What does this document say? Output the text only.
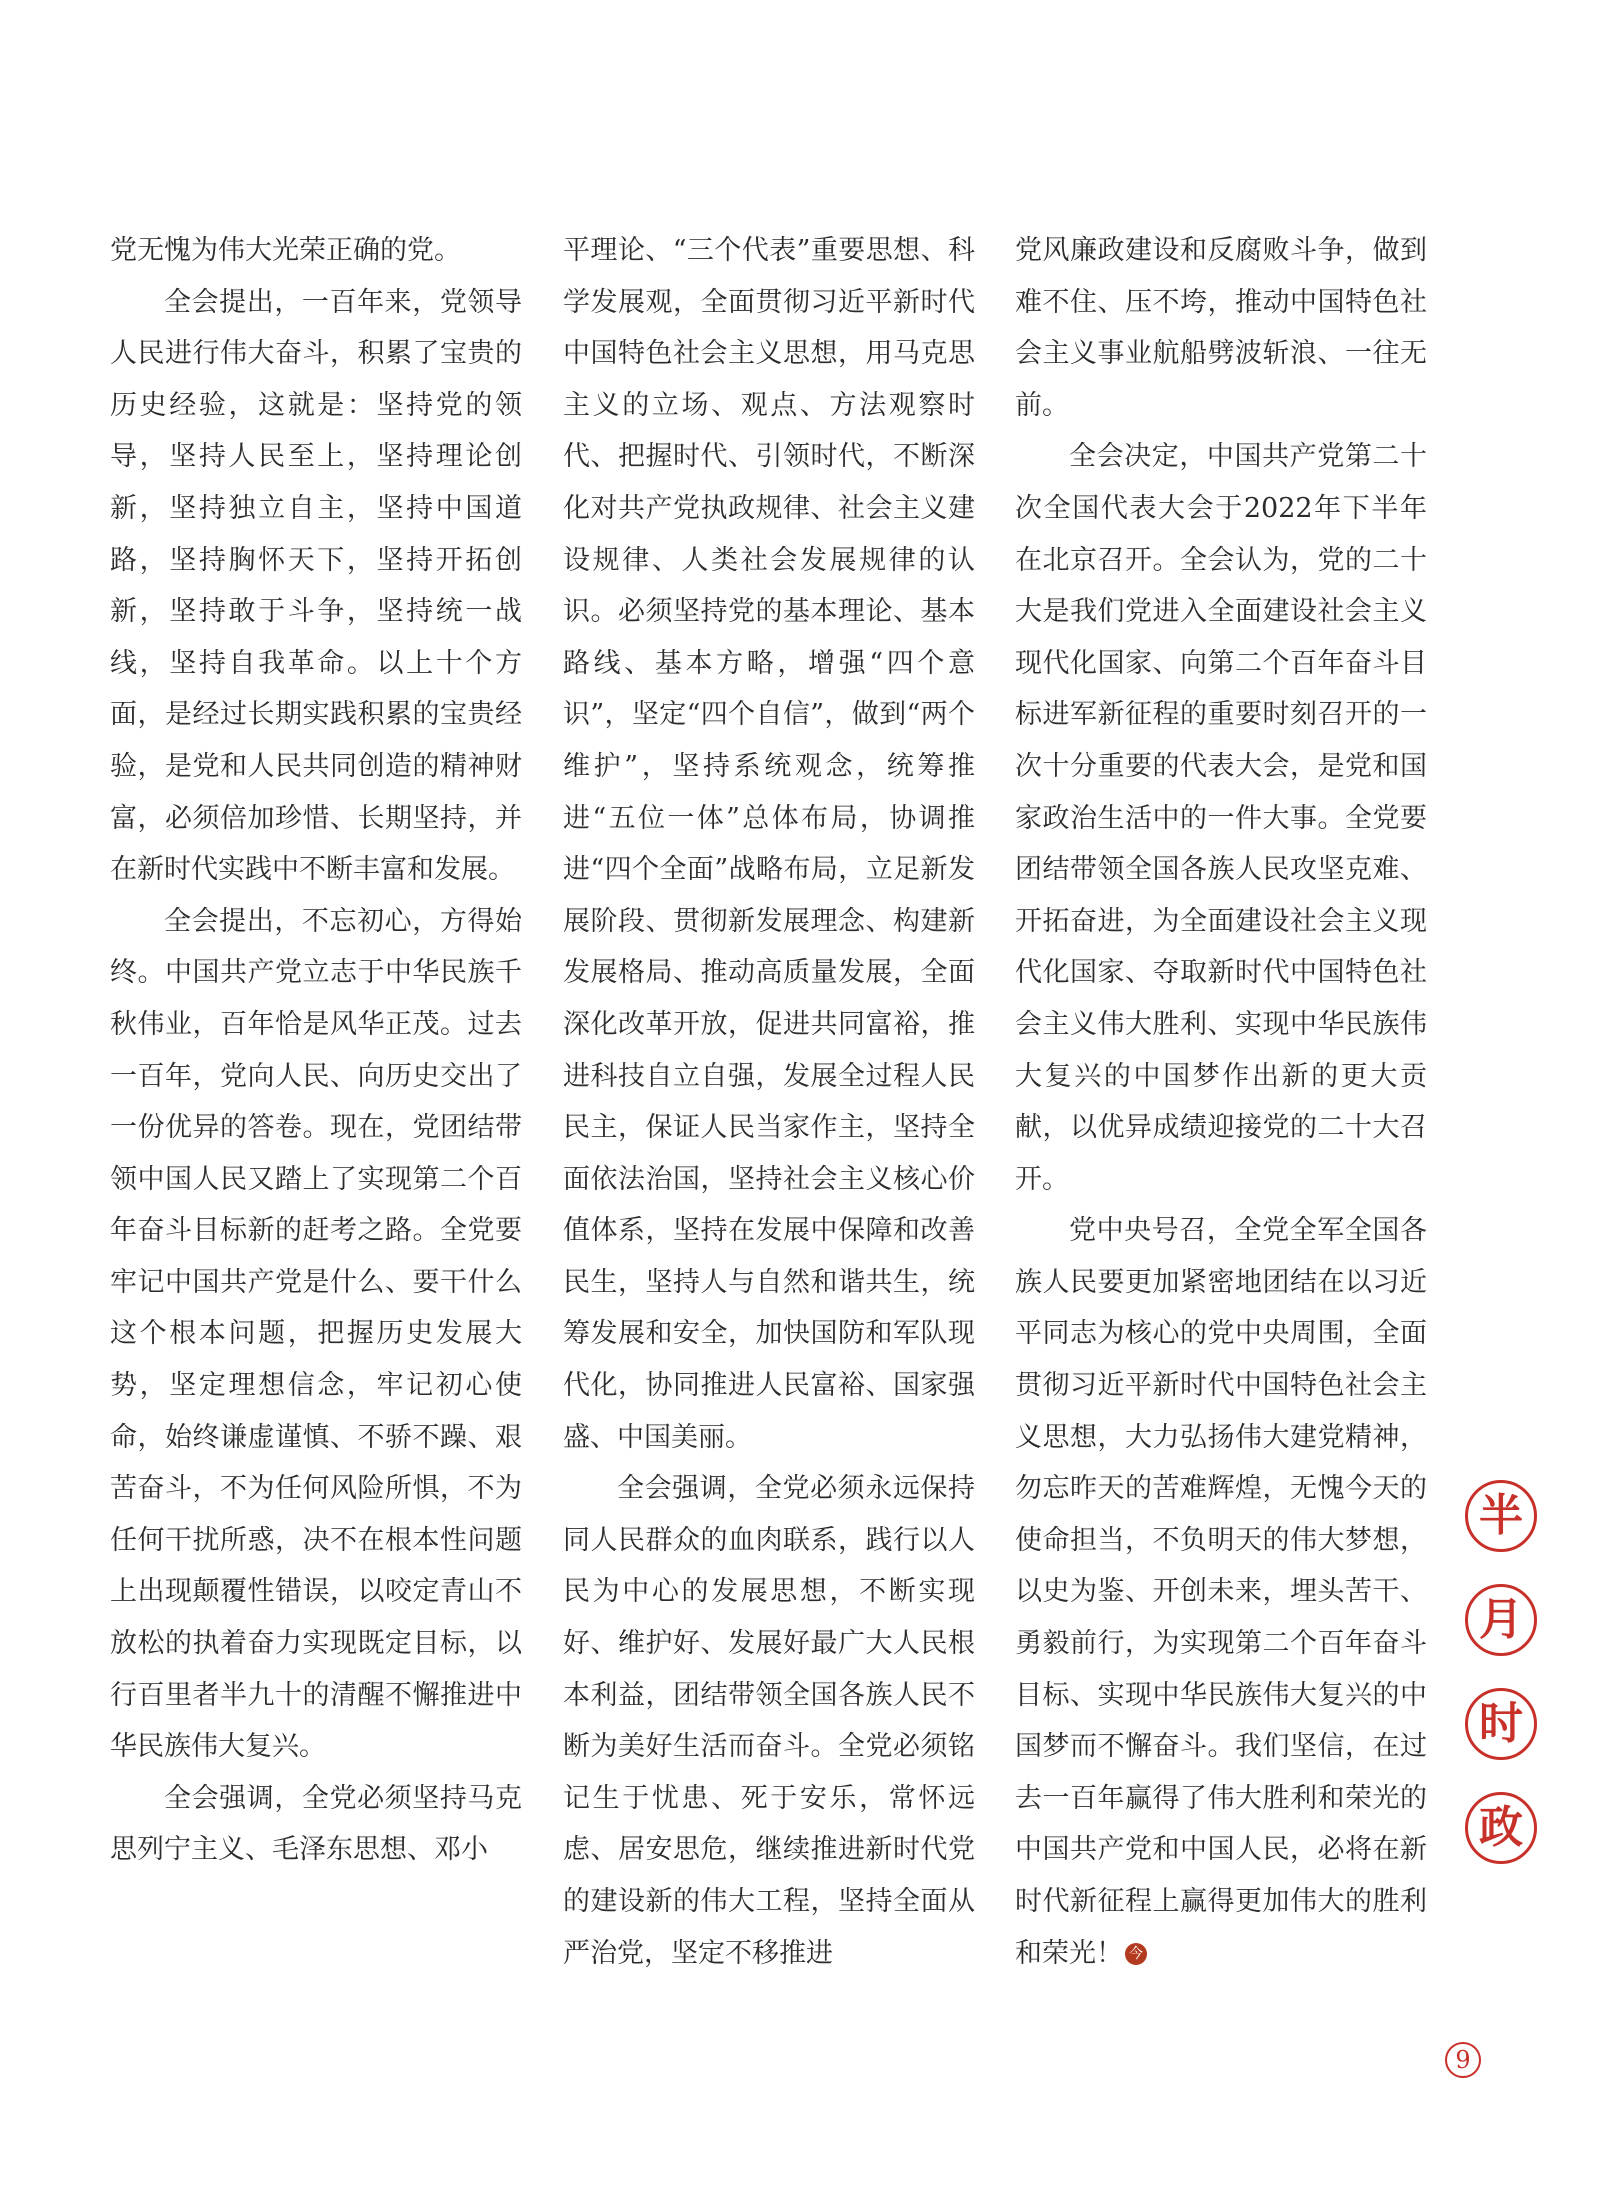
党无愧为伟大光荣正确的党。

全会提出，一百年来，党领导人民进行伟大奋斗，积累了宝贵的历史经验，这就是：坚持党的领导，坚持人民至上，坚持理论创新，坚持独立自主，坚持中国道路，坚持胸怀天下，坚持开拓创新，坚持敢于斗争，坚持统一战线，坚持自我革命。以上十个方面，是经过长期实践积累的宝贵经验，是党和人民共同创造的精神财富，必须倍加珍惜、长期坚持，并在新时代实践中不断丰富和发展。

全会提出，不忘初心，方得始终。中国共产党立志于中华民族千秋伟业，百年恰是风华正茂。过去一百年，党向人民、向历史交出了一份优异的答卷。现在，党团结带领中国人民又踏上了实现第二个百年奋斗目标新的赶考之路。全党要牢记中国共产党是什么、要干什么这个根本问题，把握历史发展大势，坚定理想信念，牢记初心使命，始终谦虚谨慎、不骄不躁、艰苦奋斗，不为任何风险所惧，不为任何干扰所惑，决不在根本性问题上出现颠覆性错误，以咬定青山不放松的执着奋力实现既定目标，以行百里者半九十的清醒不懈推进中华民族伟大复兴。

全会强调，全党必须坚持马克思列宁主义、毛泽东思想、邓小

平理论、“三个代表”重要思想、科学发展观，全面贯彻习近平新时代中国特色社会主义思想，用马克思主义的立场、观点、方法观察时代、把握时代、引领时代，不断深化对共产党执政规律、社会主义建设规律、人类社会发展规律的认识。必须坚持党的基本理论、基本路线、基本方略，增强“四个意识”，坚定“四个自信”，做到“两个维护”，坚持系统观念，统筹推进“五位一体”总体布局，协调推进“四个全面”战略布局，立足新发展阶段、贯彻新发展理念、构建新发展格局、推动高质量发展，全面深化改革开放，促进共同富裕，推进科技自立自强，发展全过程人民民主，保证人民当家作主，坚持全面依法治国，坚持社会主义核心价值体系，坚持在发展中保障和改善民生，坚持人与自然和谐共生，统筹发展和安全，加快国防和军队现代化，协同推进人民富裕、国家强盛、中国美丽。

全会强调，全党必须永远保持同人民群众的血肉联系，践行以人民为中心的发展思想，不断实现好、维护好、发展好最广大人民根本利益，团结带领全国各族人民不断为美好生活而奋斗。全党必须铭记生于忧患、死于安乐，常怀远虑、居安思危，继续推进新时代党的建设新的伟大工程，坚持全面从严治党，坚定不移推进

党风廉政建设和反腐败斗争，做到难不住、压不垮，推动中国特色社会主义事业航船劈波斩浪、一往无前。

全会决定，中国共产党第二十次全国代表大会于2022年下半年在北京召开。全会认为，党的二十大是我们党进入全面建设社会主义现代化国家、向第二个百年奋斗目标进军新征程的重要时刻召开的一次十分重要的代表大会，是党和国家政治生活中的一件大事。全党要团结带领全国各族人民攻坚克难、开拓奋进，为全面建设社会主义现代化国家、夺取新时代中国特色社会主义伟大胜利、实现中华民族伟大复兴的中国梦作出新的更大贡献，以优异成绩迎接党的二十大召开。

党中央号召，全党全军全国各族人民要更加紧密地团结在以习近平同志为核心的党中央周围，全面贯彻习近平新时代中国特色社会主义思想，大力弘扬伟大建党精神，勿忘昨天的苦难辉煌，无愧今天的使命担当，不负明天的伟大梦想，以史为鉴、开创未来，埋头苦干、勇毅前行，为实现第二个百年奋斗目标、实现中华民族伟大复兴的中国梦而不懈奋斗。我们坚信，在过去一百年赢得了伟大胜利和荣光的中国共产党和中国人民，必将在新时代新征程上赢得更加伟大的胜利和荣光！ 今

半
月
时
政
9
